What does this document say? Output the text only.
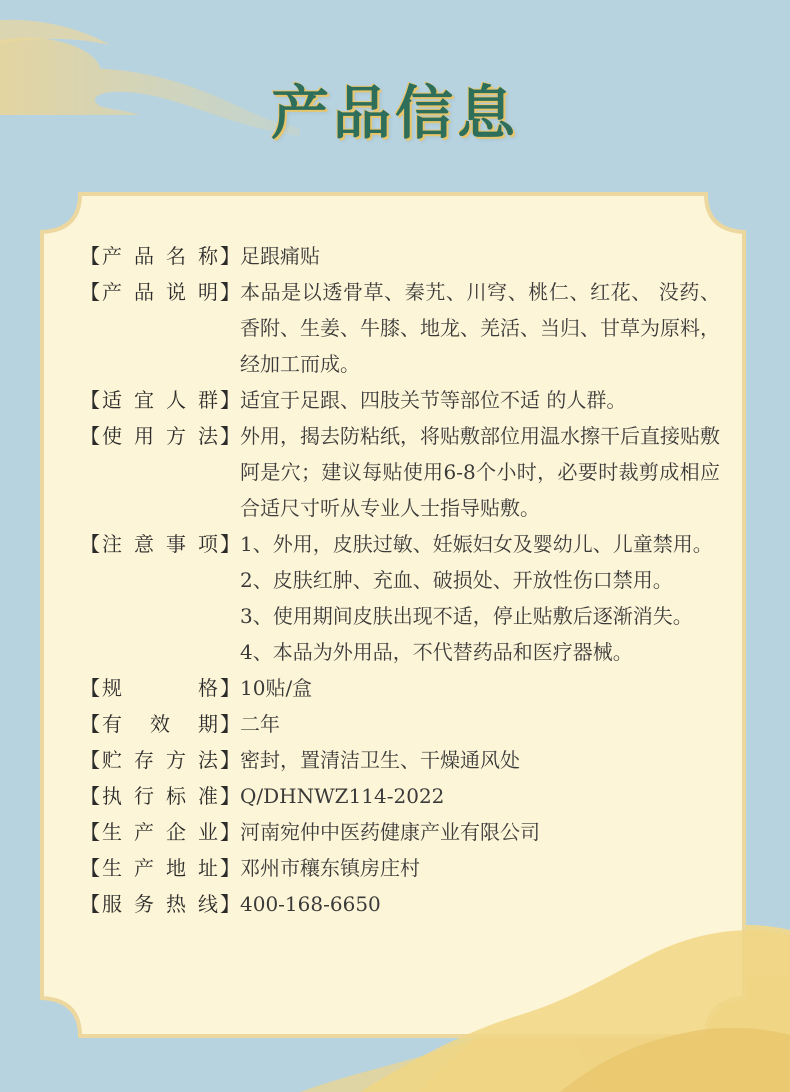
产品信息
【 产品名称 】 足跟痛贴
【 产品说明 】 本品是以透骨草、秦艽、川穹、桃仁、红花、 没药、香附、生姜、牛膝、地龙、羌活、当归、甘草为原料，经加工而成。
【 适宜人群 】 适宜于足跟、四肢关节等部位不适 的人群。
【 使用方法 】 外用，揭去防粘纸，将贴敷部位用温水擦干后直接贴敷阿是穴；建议每贴使用6-8个小时，必要时裁剪成相应合适尺寸听从专业人士指导贴敷。
【 注意事项 】 1、外用，皮肤过敏、妊娠妇女及婴幼儿、儿童禁用。
2、皮肤红肿、充血、破损处、开放性伤口禁用。
3、使用期间皮肤出现不适，停止贴敷后逐渐消失。
4、本品为外用品，不代替药品和医疗器械。
【 规格 】 10贴/盒
【 有效期 】 二年
【 贮存方法 】 密封，置清洁卫生、干燥通风处
【 执行标准 】 Q/DHNWZ114-2022
【 生产企业 】 河南宛仲中医药健康产业有限公司
【 生产地址 】 邓州市穰东镇房庄村
【 服务热线 】 400-168-6650
